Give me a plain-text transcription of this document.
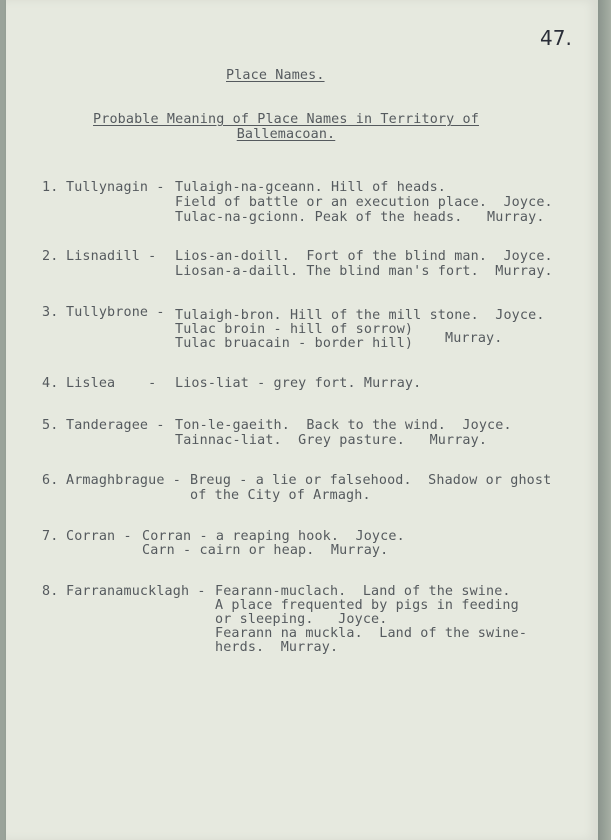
47.
Place Names.
Probable Meaning of Place Names in Territory of
Ballemacoan.
1. Tullynagin - Tulaigh-na-gceann. Hill of heads.
Field of battle or an execution place.  Joyce.
Tulac-na-gcionn. Peak of the heads.   Murray.
2. Lisnadill - Lios-an-doill.  Fort of the blind man.  Joyce.
Liosan-a-daill. The blind man's fort.  Murray.
3. Tullybrone - Tulaigh-bron. Hill of the mill stone.  Joyce.
Tulac broin - hill of sorrow)
Tulac bruacain - border hill) Murray.
4. Lislea    - Lios-liat - grey fort. Murray.
5. Tanderagee - Ton-le-gaeith.  Back to the wind.  Joyce.
Tainnac-liat.  Grey pasture.   Murray.
6. Armaghbrague - Breug - a lie or falsehood.  Shadow or ghost
of the City of Armagh.
7. Corran - Corran - a reaping hook.  Joyce.
Carn - cairn or heap.  Murray.
8. Farranamucklagh - Fearann-muclach.  Land of the swine.
A place frequented by pigs in feeding
or sleeping.   Joyce.
Fearann na muckla.  Land of the swine-
herds.  Murray.
